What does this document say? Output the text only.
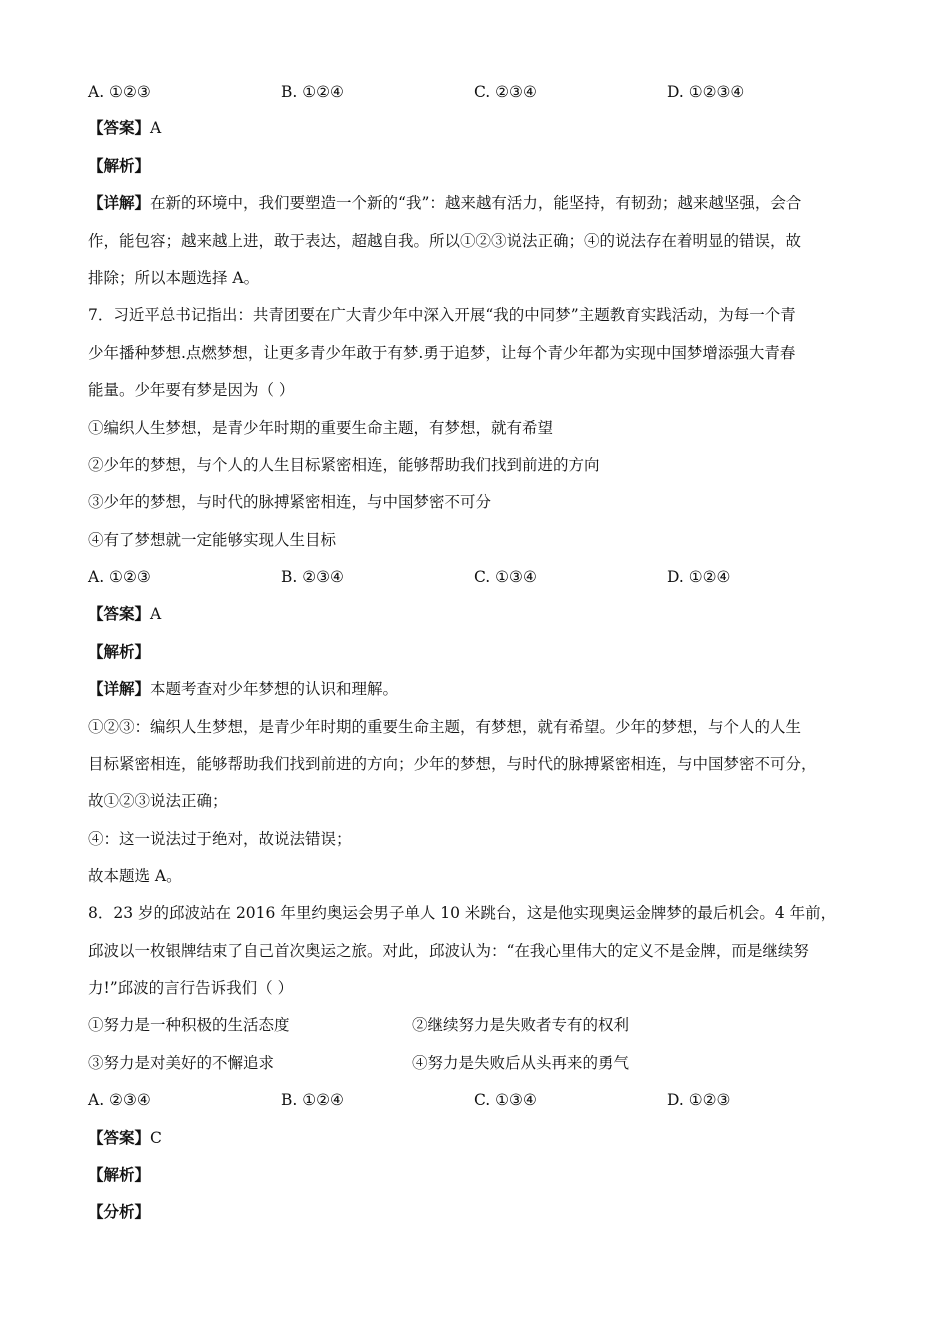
A. ①②③	B. ①②④	C. ②③④	D. ①②③④
【答案】A
【解析】
【详解】在新的环境中，我们要塑造一个新的“我”：越来越有活力，能坚持，有韧劲；越来越坚强，会合
作，能包容；越来越上进，敢于表达，超越自我。所以①②③说法正确；④的说法存在着明显的错误，故
排除；所以本题选择 A。
7．习近平总书记指出：共青团要在广大青少年中深入开展“我的中同梦”主题教育实践活动，为每一个青
少年播种梦想.点燃梦想，让更多青少年敢于有梦.勇于追梦，让每个青少年都为实现中国梦增添强大青春
能量。少年要有梦是因为（ ）
①编织人生梦想，是青少年时期的重要生命主题，有梦想，就有希望
②少年的梦想，与个人的人生目标紧密相连，能够帮助我们找到前进的方向
③少年的梦想，与时代的脉搏紧密相连，与中国梦密不可分
④有了梦想就一定能够实现人生目标
A. ①②③	B. ②③④	C. ①③④	D. ①②④
【答案】A
【解析】
【详解】本题考查对少年梦想的认识和理解。
①②③：编织人生梦想，是青少年时期的重要生命主题，有梦想，就有希望。少年的梦想，与个人的人生
目标紧密相连，能够帮助我们找到前进的方向；少年的梦想，与时代的脉搏紧密相连，与中国梦密不可分，
故①②③说法正确；
④：这一说法过于绝对，故说法错误；
故本题选 A。
8．23 岁的邱波站在 2016 年里约奥运会男子单人 10 米跳台，这是他实现奥运金牌梦的最后机会。4 年前，
邱波以一枚银牌结束了自己首次奥运之旅。对此，邱波认为：“在我心里伟大的定义不是金牌，而是继续努
力!”邱波的言行告诉我们（ ）
①努力是一种积极的生活态度	②继续努力是失败者专有的权利
③努力是对美好的不懈追求	④努力是失败后从头再来的勇气
A. ②③④	B. ①②④	C. ①③④	D. ①②③
【答案】C
【解析】
【分析】
